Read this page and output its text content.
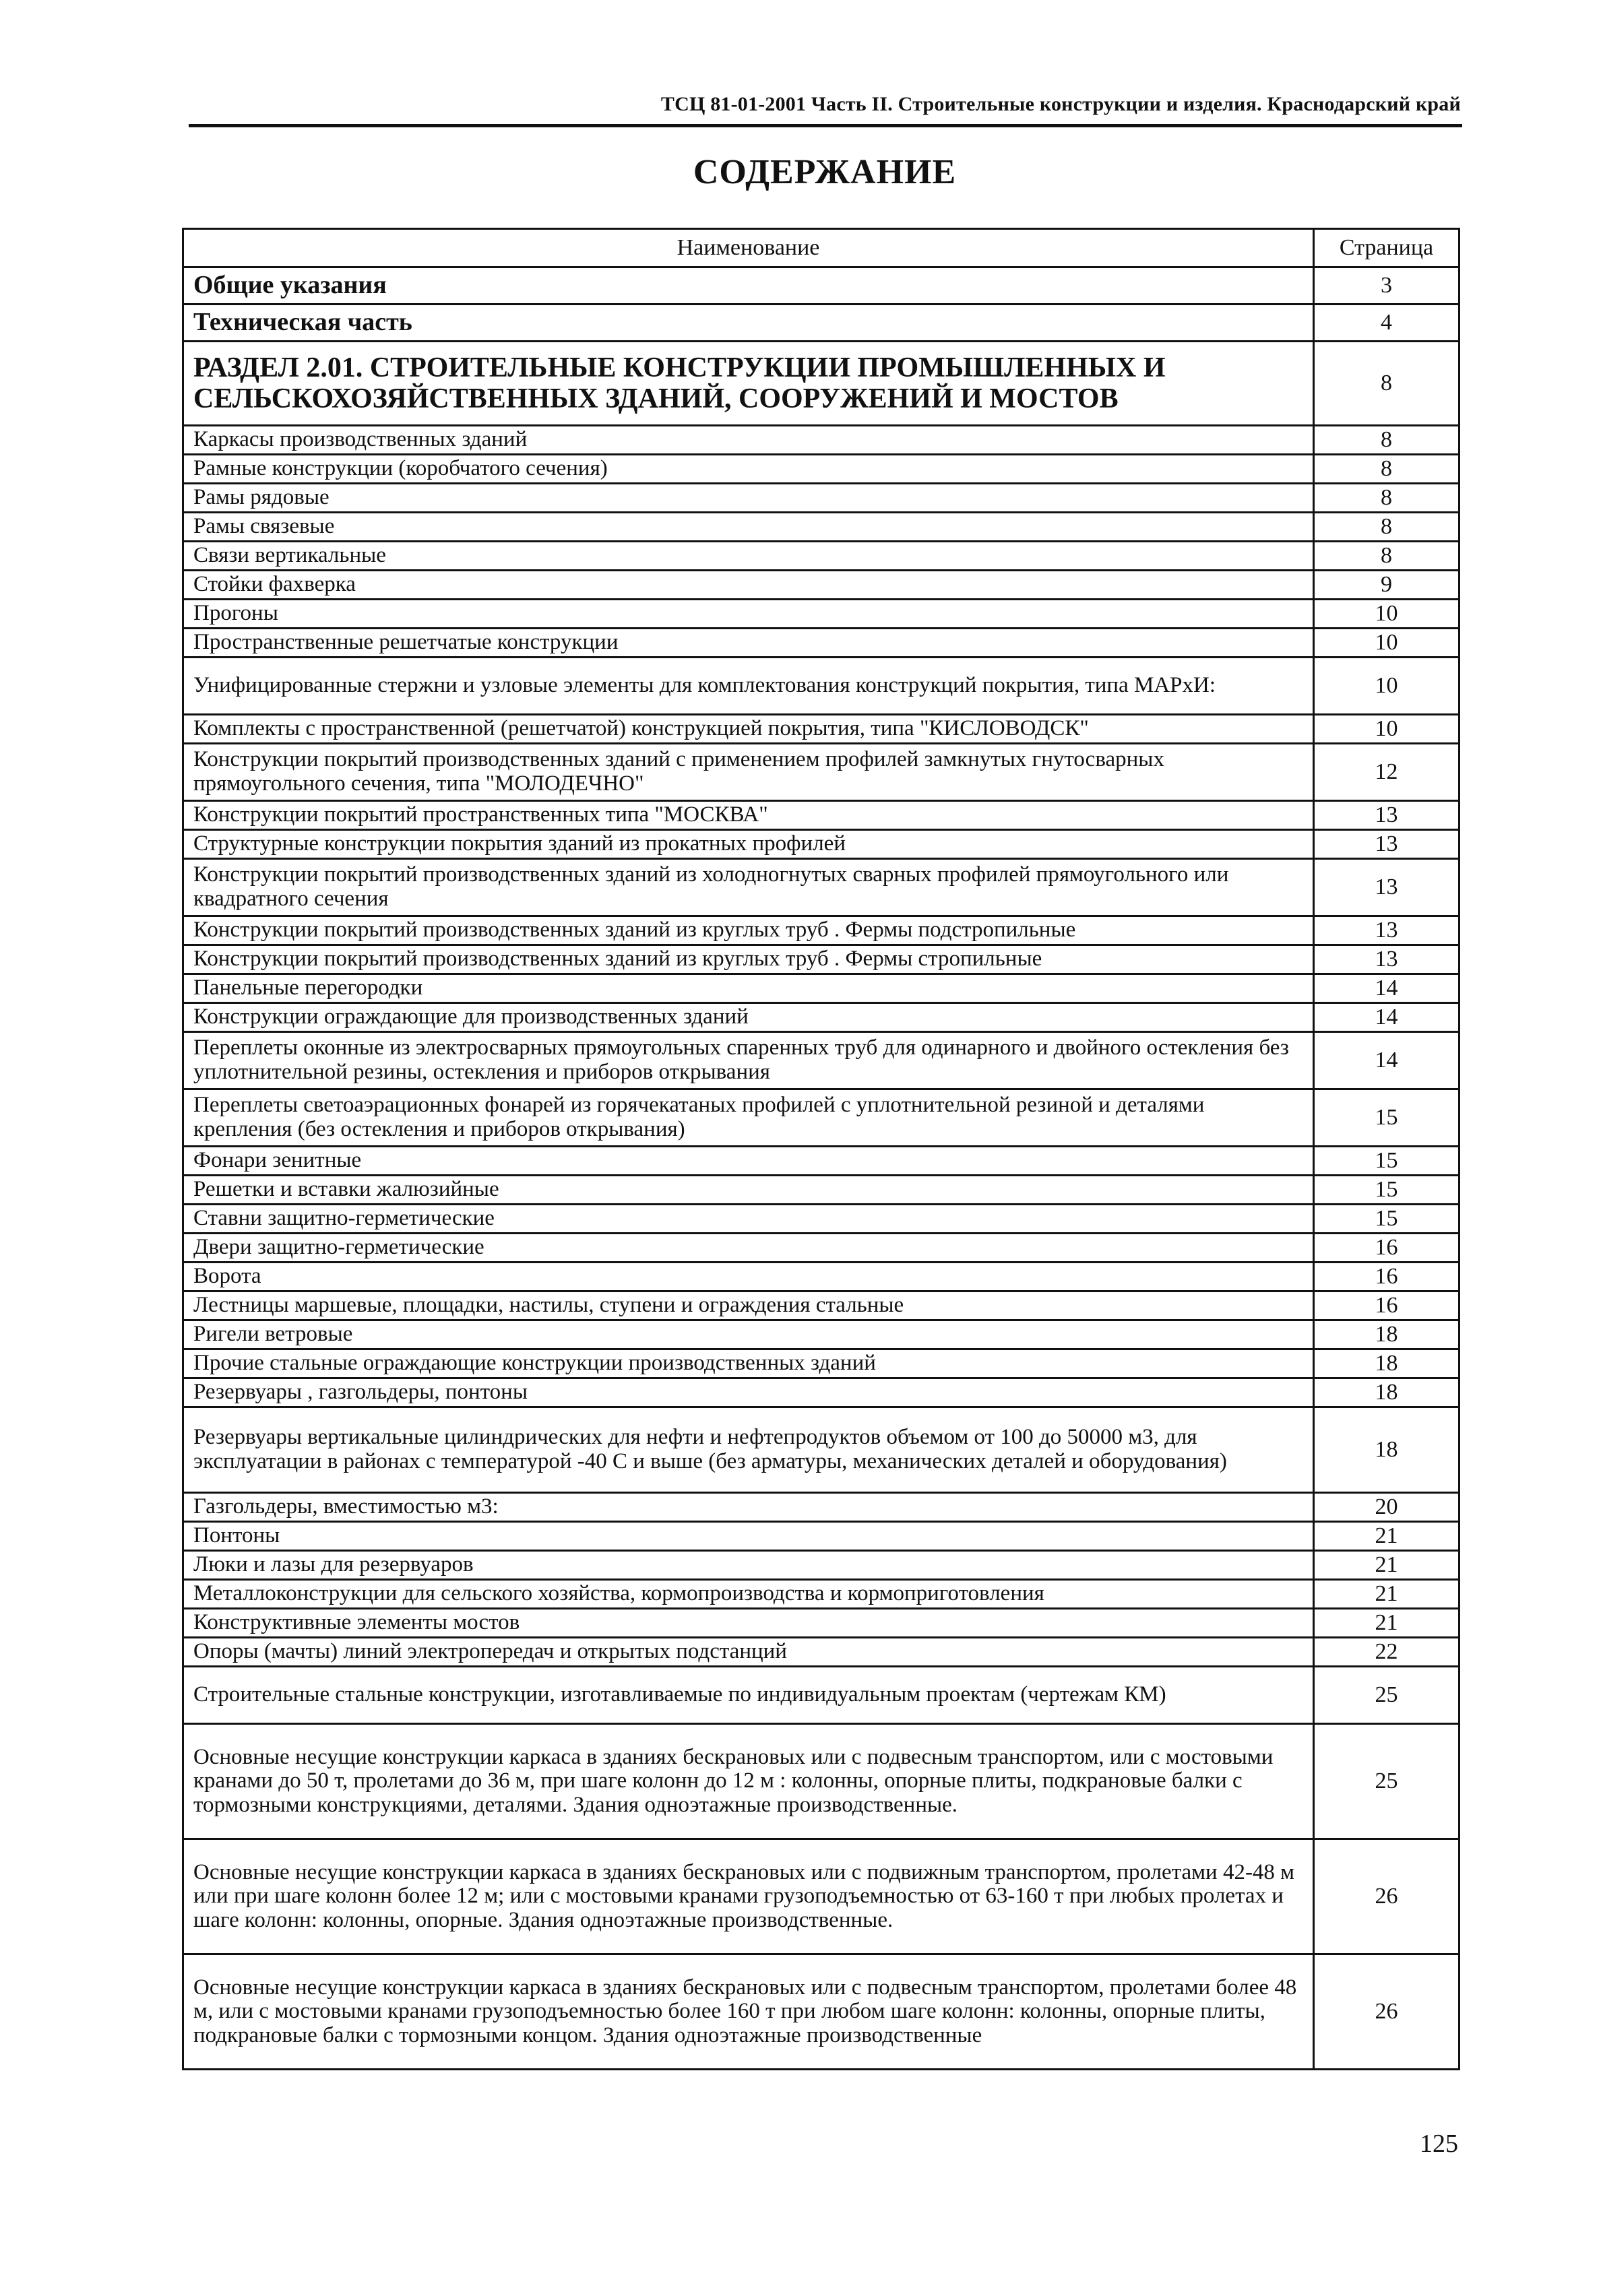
ТСЦ 81-01-2001 Часть II. Строительные конструкции и изделия. Краснодарский край
СОДЕРЖАНИЕ
Наименование	Страница
Общие указания	3
Техническая часть	4
РАЗДЕЛ 2.01. СТРОИТЕЛЬНЫЕ КОНСТРУКЦИИ ПРОМЫШЛЕННЫХ И СЕЛЬСКОХОЗЯЙСТВЕННЫХ ЗДАНИЙ, СООРУЖЕНИЙ И МОСТОВ	8
Каркасы производственных зданий	8
Рамные конструкции (коробчатого сечения)	8
Рамы рядовые	8
Рамы связевые	8
Связи вертикальные	8
Стойки фахверка	9
Прогоны	10
Пространственные решетчатые конструкции	10
Унифицированные стержни и узловые элементы для комплектования конструкций покрытия, типа МАРхИ:	10
Комплекты с пространственной (решетчатой) конструкцией покрытия, типа "КИСЛОВОДСК"	10
Конструкции покрытий производственных зданий с применением профилей замкнутых гнутосварных прямоугольного сечения, типа "МОЛОДЕЧНО"	12
Конструкции покрытий пространственных типа "МОСКВА"	13
Структурные конструкции покрытия зданий из прокатных профилей	13
Конструкции покрытий производственных зданий из холодногнутых сварных профилей прямоугольного или квадратного сечения	13
Конструкции покрытий производственных зданий из круглых труб . Фермы подстропильные	13
Конструкции покрытий производственных зданий из круглых труб . Фермы стропильные	13
Панельные перегородки	14
Конструкции ограждающие для производственных зданий	14
Переплеты оконные из электросварных прямоугольных спаренных труб для одинарного и двойного остекления без уплотнительной резины, остекления и приборов открывания	14
Переплеты светоаэрационных фонарей из горячекатаных профилей с уплотнительной резиной и деталями крепления (без остекления и приборов открывания)	15
Фонари зенитные	15
Решетки и вставки жалюзийные	15
Ставни защитно-герметические	15
Двери защитно-герметические	16
Ворота	16
Лестницы маршевые, площадки, настилы, ступени и ограждения стальные	16
Ригели ветровые	18
Прочие стальные ограждающие конструкции производственных зданий	18
Резервуары , газгольдеры, понтоны	18
Резервуары вертикальные цилиндрических для нефти и нефтепродуктов объемом от 100 до 50000 м3, для эксплуатации в районах с температурой -40 С и выше (без арматуры, механических деталей и оборудования)	18
Газгольдеры, вместимостью м3:	20
Понтоны	21
Люки и лазы для резервуаров	21
Металлоконструкции для сельского хозяйства, кормопроизводства и кормоприготовления	21
Конструктивные элементы мостов	21
Опоры (мачты) линий электропередач и открытых подстанций	22
Строительные стальные конструкции, изготавливаемые по индивидуальным проектам (чертежам КМ)	25
Основные несущие конструкции каркаса в зданиях бескрановых или с подвесным транспортом, или с мостовыми кранами до 50 т, пролетами до 36 м, при шаге колонн до 12 м : колонны, опорные плиты, подкрановые балки с тормозными конструкциями, деталями. Здания одноэтажные производственные.	25
Основные несущие конструкции каркаса в зданиях бескрановых или с подвижным транспортом, пролетами 42-48 м или при шаге колонн более 12 м; или с мостовыми кранами грузоподъемностью от 63-160 т при любых пролетах и шаге колонн: колонны, опорные. Здания одноэтажные производственные.	26
Основные несущие конструкции каркаса в зданиях бескрановых или с подвесным транспортом, пролетами более 48 м, или с мостовыми кранами грузоподъемностью более 160 т при любом шаге колонн: колонны, опорные плиты, подкрановые балки с тормозными концом. Здания одноэтажные производственные	26
125
